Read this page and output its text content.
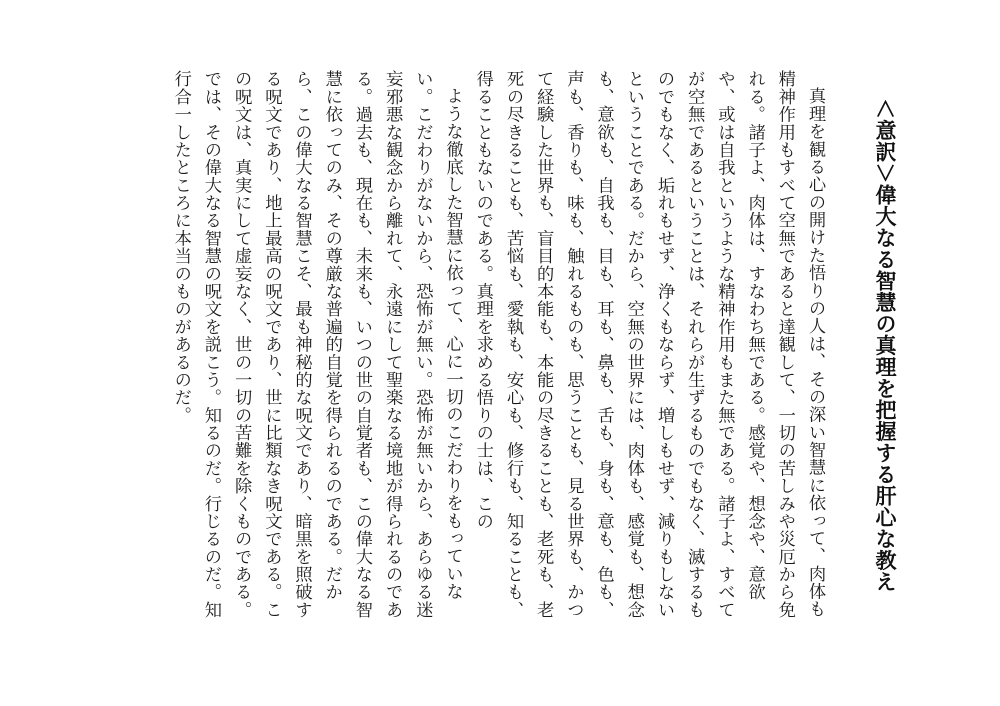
＜意訳＞偉大なる智慧の真理を把握する肝心な教え

真理を観る心の開けた悟りの人は、その深い智慧に依って、肉体も精神作用もすべて空無であると達観して、一切の苦しみや災厄から免れる。諸子よ、肉体は、すなわち無である。感覚や、想念や、意欲や、或は自我というような精神作用もまた無である。諸子よ、すべてが空無であるということは、それらが生ずるものでもなく、滅するものでもなく、垢れもせず、浄くもならず、増しもせず、減りもしないということである。だから、空無の世界には、肉体も、感覚も、想念も、意欲も、自我も、目も、耳も、鼻も、舌も、身も、意も、色も、声も、香りも、味も、触れるものも、思うことも、見る世界も、かつて経験した世界も、盲目的本能も、本能の尽きることも、老死も、老死の尽きることも、苦悩も、愛執も、安心も、修行も、知ることも、得ることもないのである。真理を求める悟りの士は、この

ような徹底した智慧に依って、心に一切のこだわりをもっていない。こだわりがないから、恐怖が無い。恐怖が無いから、あらゆる迷妄邪悪な観念から離れて、永遠にして聖楽なる境地が得られるのである。過去も、現在も、未来も、いつの世の自覚者も、この偉大なる智慧に依ってのみ、その尊厳な普遍的自覚を得られるのである。だから、この偉大なる智慧こそ、最も神秘的な呪文であり、暗黒を照破する呪文であり、地上最高の呪文であり、世に比類なき呪文である。この呪文は、真実にして虚妄なく、世の一切の苦難を除くものである。では、その偉大なる智慧の呪文を説こう。知るのだ。行じるのだ。知行合一したところに本当のものがあるのだ。
